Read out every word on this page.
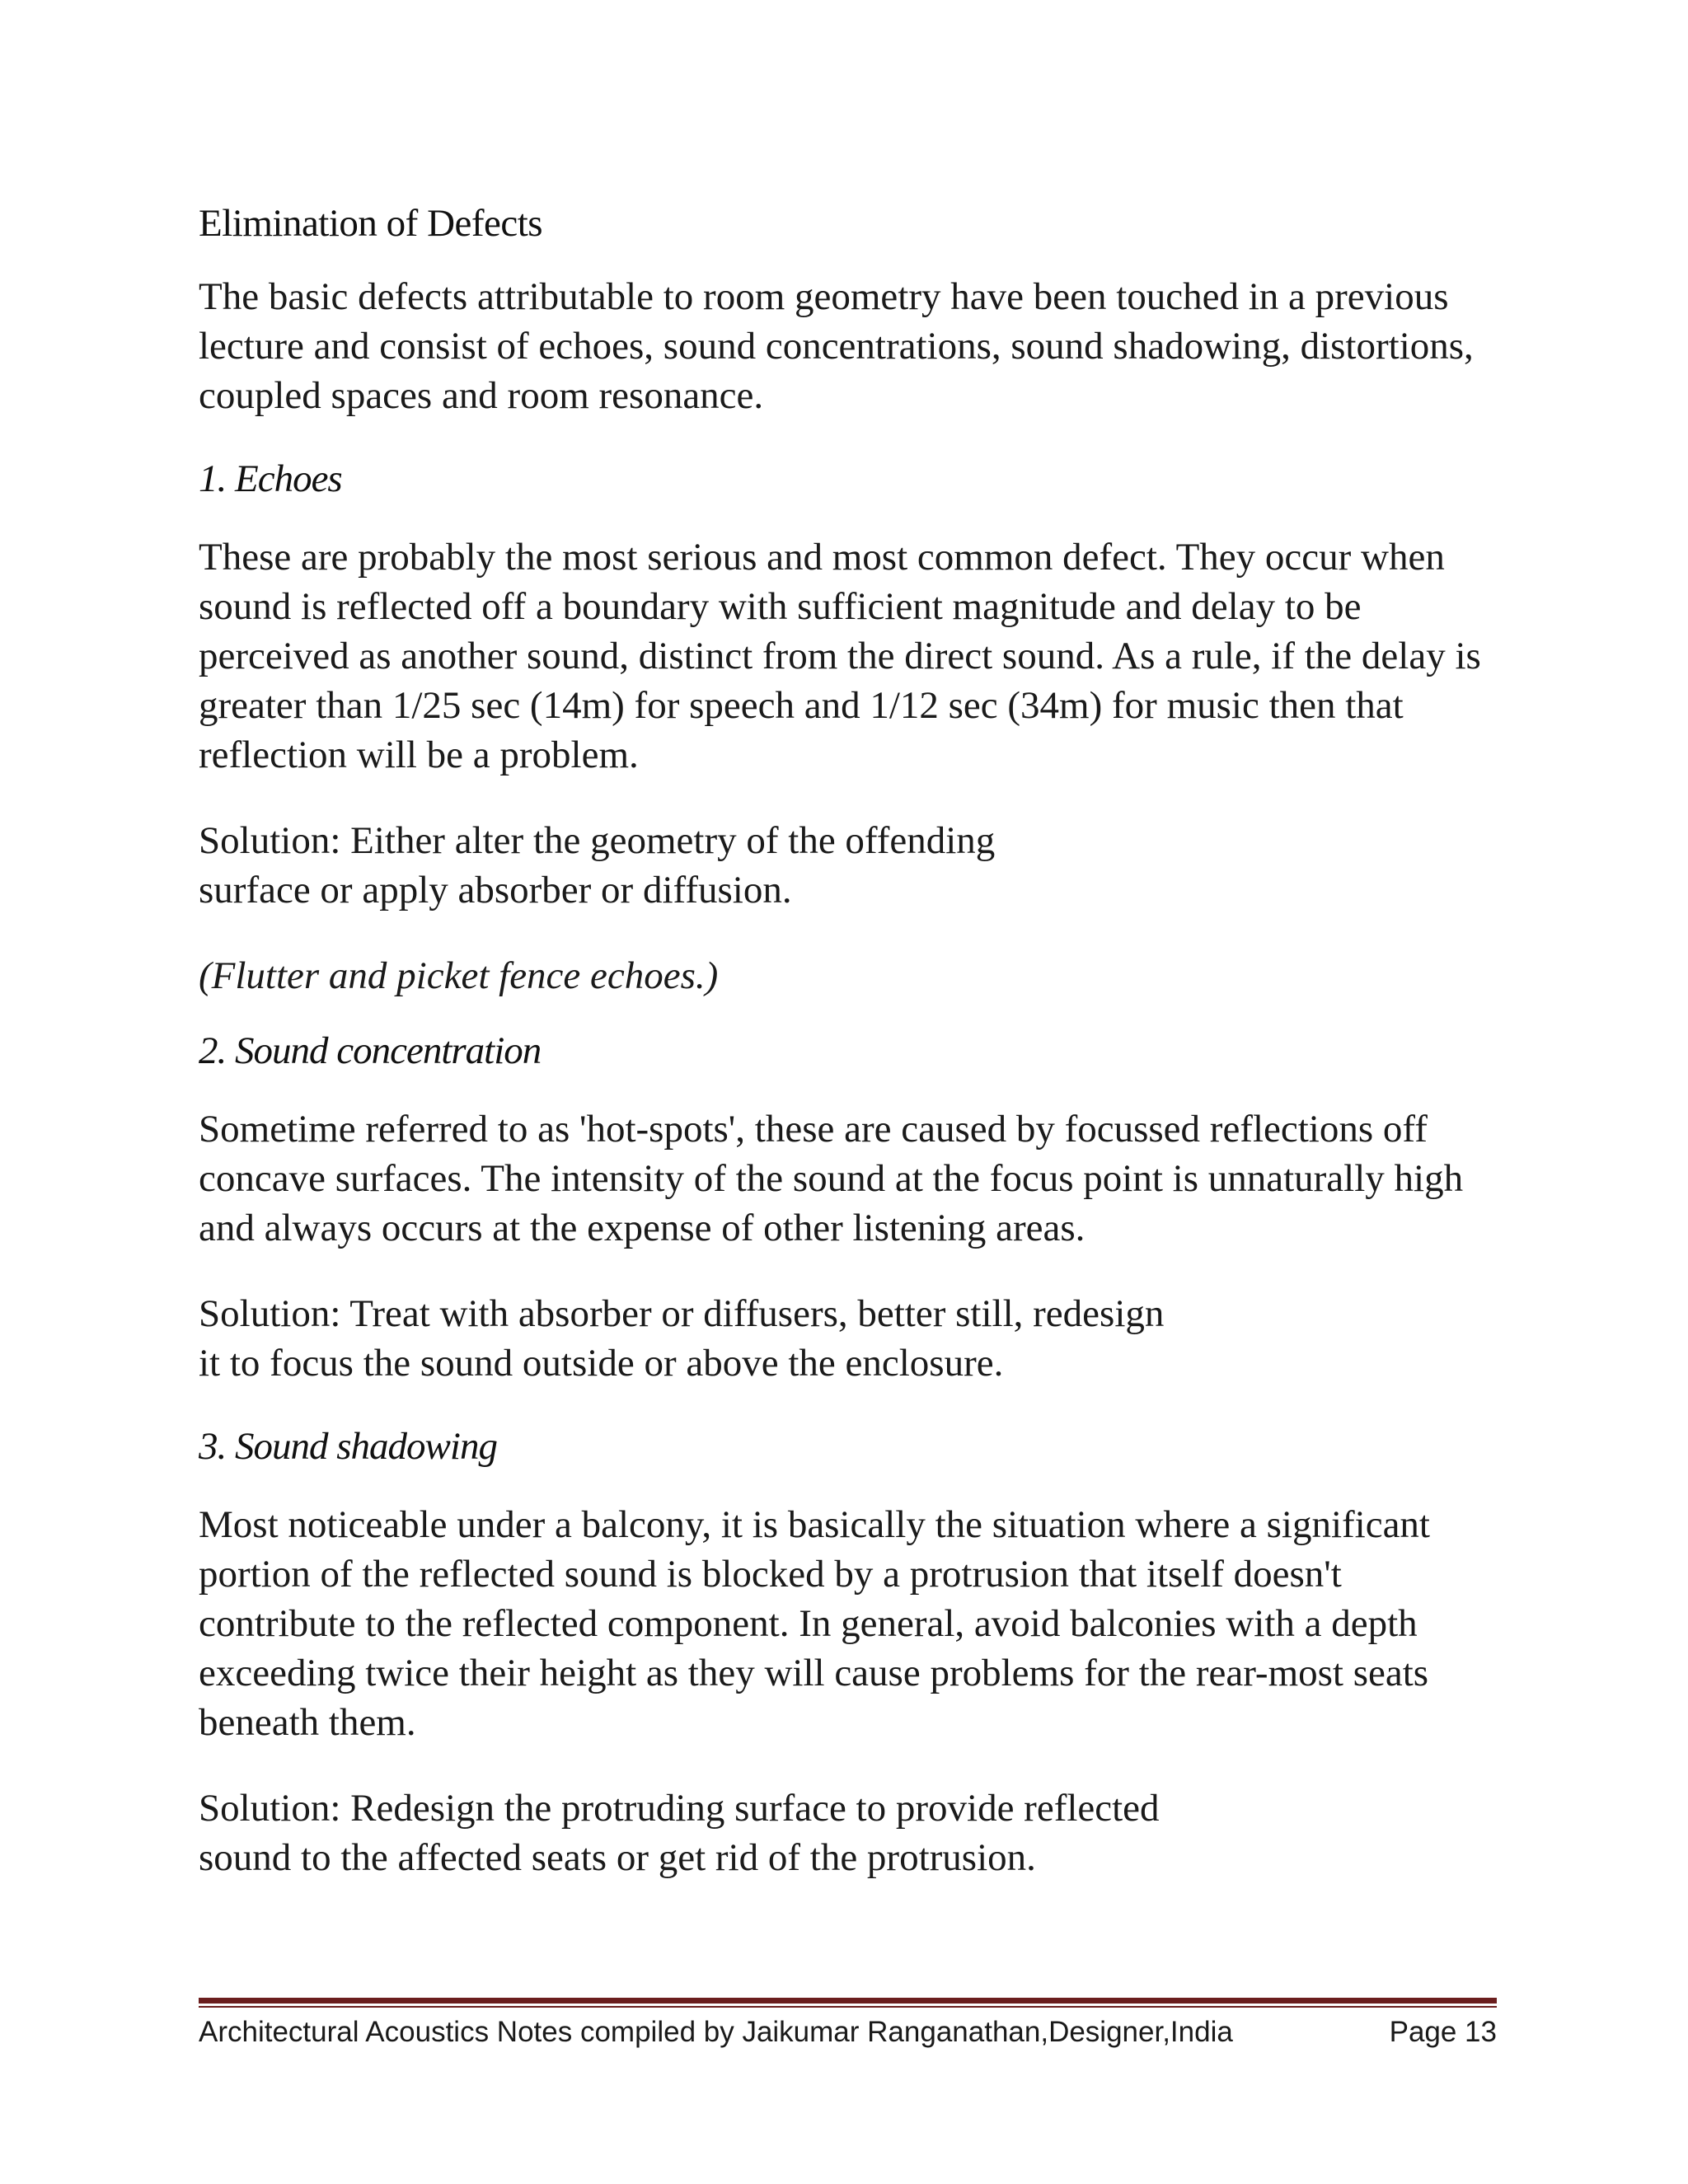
Elimination of Defects

The basic defects attributable to room geometry have been touched in a previous lecture and consist of echoes, sound concentrations, sound shadowing, distortions, coupled spaces and room resonance.

1. Echoes

These are probably the most serious and most common defect. They occur when sound is reflected off a boundary with sufficient magnitude and delay to be perceived as another sound, distinct from the direct sound. As a rule, if the delay is greater than 1/25 sec (14m) for speech and 1/12 sec (34m) for music then that reflection will be a problem.

Solution: Either alter the geometry of the offending
surface or apply absorber or diffusion.

(Flutter and picket fence echoes.)

2. Sound concentration

Sometime referred to as 'hot-spots', these are caused by focussed reflections off concave surfaces. The intensity of the sound at the focus point is unnaturally high and always occurs at the expense of other listening areas.

Solution: Treat with absorber or diffusers, better still, redesign
it to focus the sound outside or above the enclosure.

3. Sound shadowing

Most noticeable under a balcony, it is basically the situation where a significant portion of the reflected sound is blocked by a protrusion that itself doesn't contribute to the reflected component. In general, avoid balconies with a depth exceeding twice their height as they will cause problems for the rear-most seats beneath them.

Solution: Redesign the protruding surface to provide reflected
sound to the affected seats or get rid of the protrusion.

Architectural Acoustics Notes compiled by Jaikumar Ranganathan,Designer,India	Page 13
